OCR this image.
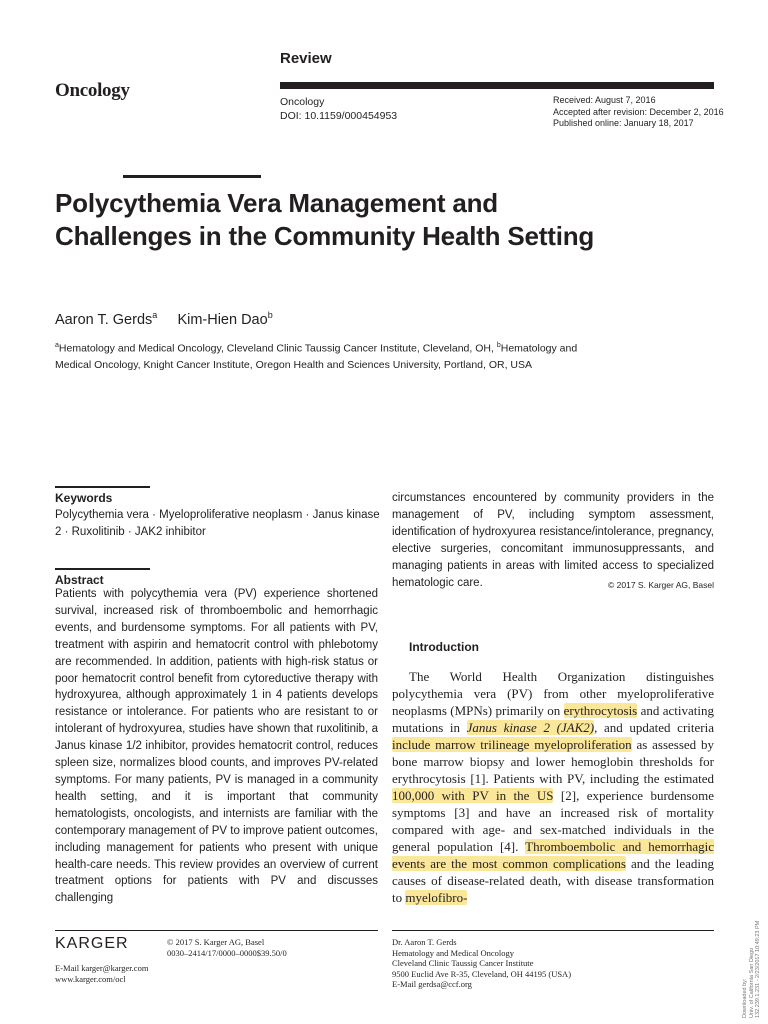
Review
Oncology
Oncology
DOI: 10.1159/000454953
Received: August 7, 2016
Accepted after revision: December 2, 2016
Published online: January 18, 2017
Polycythemia Vera Management and Challenges in the Community Health Setting
Aaron T. Gerds$^a$ Kim-Hien Dao$^b$
$^a$Hematology and Medical Oncology, Cleveland Clinic Taussig Cancer Institute, Cleveland, OH, $^b$Hematology and Medical Oncology, Knight Cancer Institute, Oregon Health and Sciences University, Portland, OR, USA
Keywords
Polycythemia vera · Myeloproliferative neoplasm · Janus kinase 2 · Ruxolitinib · JAK2 inhibitor
Abstract
Patients with polycythemia vera (PV) experience shortened survival, increased risk of thromboembolic and hemorrhagic events, and burdensome symptoms. For all patients with PV, treatment with aspirin and hematocrit control with phlebotomy are recommended. In addition, patients with high-risk status or poor hematocrit control benefit from cytoreductive therapy with hydroxyurea, although approximately 1 in 4 patients develops resistance or intolerance. For patients who are resistant to or intolerant of hydroxyurea, studies have shown that ruxolitinib, a Janus kinase 1/2 inhibitor, provides hematocrit control, reduces spleen size, normalizes blood counts, and improves PV-related symptoms. For many patients, PV is managed in a community health setting, and it is important that community hematologists, oncologists, and internists are familiar with the contemporary management of PV to improve patient outcomes, including management for patients who present with unique health-care needs. This review provides an overview of current treatment options for patients with PV and discusses challenging
circumstances encountered by community providers in the management of PV, including symptom assessment, identification of hydroxyurea resistance/intolerance, pregnancy, elective surgeries, concomitant immunosuppressants, and managing patients in areas with limited access to specialized hematologic care.	© 2017 S. Karger AG, Basel
Introduction

The World Health Organization distinguishes polycythemia vera (PV) from other myeloproliferative neoplasms (MPNs) primarily on erythrocytosis and activating mutations in Janus kinase 2 (JAK2), and updated criteria include marrow trilineage myeloproliferation as assessed by bone marrow biopsy and lower hemoglobin thresholds for erythrocytosis [1]. Patients with PV, including the estimated 100,000 with PV in the US [2], experience burdensome symptoms [3] and have an increased risk of mortality compared with age- and sex-matched individuals in the general population [4]. Thromboembolic and hemorrhagic events are the most common complications and the leading causes of disease-related death, with disease transformation to myelofibro-

KARGER	© 2017 S. Karger AG, Basel
0030–2414/17/0000–0000$39.50/0
E-Mail karger@karger.com
www.karger.com/ocl
Dr. Aaron T. Gerds
Hematology and Medical Oncology
Cleveland Clinic Taussig Cancer Institute
9500 Euclid Ave R-35, Cleveland, OH 44195 (USA)
E-Mail gerdsa@ccf.org	Downloaded by: Univ. of California San Diego 132.239.1.231 - 2/23/2017 10:49:23 PM
